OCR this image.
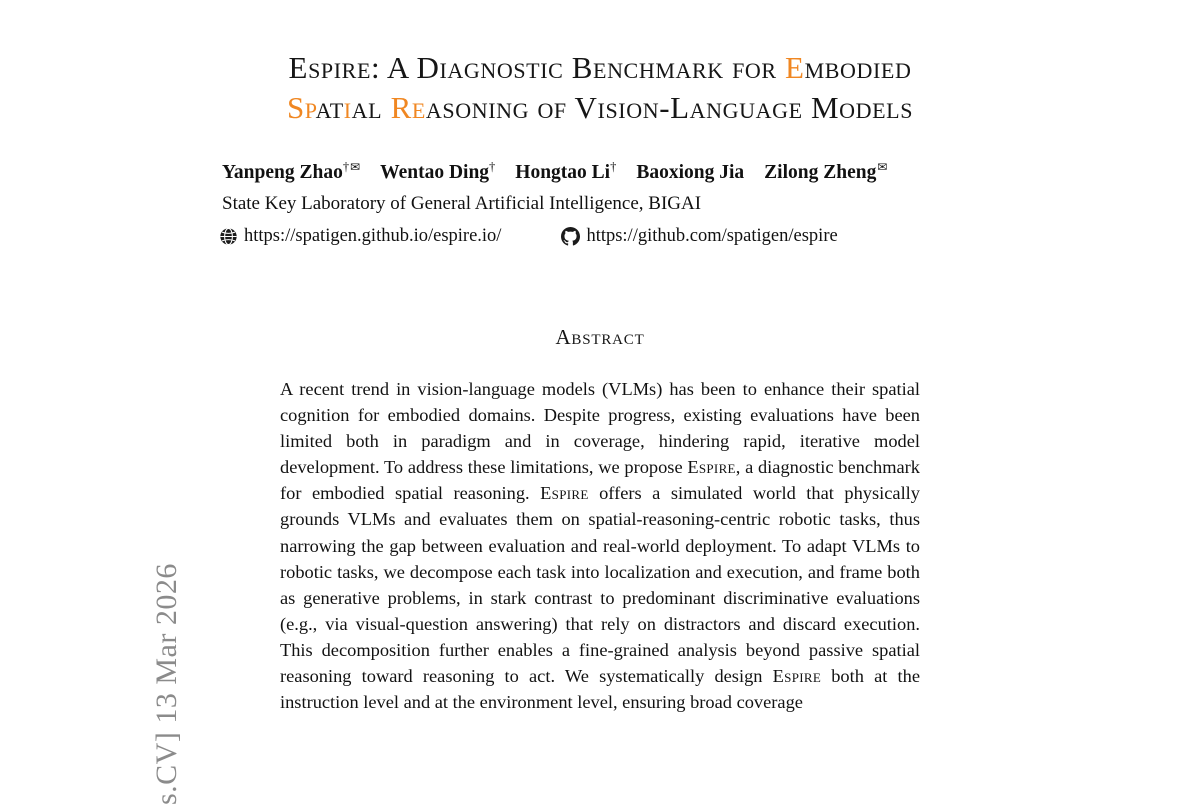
s.CV] 13 Mar 2026
Espire: A Diagnostic Benchmark for Embodied
Spatial Reasoning of Vision-Language Models
Yanpeng Zhao†✉ Wentao Ding† Hongtao Li† Baoxiong Jia Zilong Zheng✉
State Key Laboratory of General Artificial Intelligence, BIGAI
https://spatigen.github.io/espire.io/	https://github.com/spatigen/espire
Abstract

A recent trend in vision-language models (VLMs) has been to enhance their spatial cognition for embodied domains. Despite progress, existing evaluations have been limited both in paradigm and in coverage, hindering rapid, iterative model development. To address these limitations, we propose Espire, a diagnostic benchmark for embodied spatial reasoning. Espire offers a simulated world that physically grounds VLMs and evaluates them on spatial-reasoning-centric robotic tasks, thus narrowing the gap between evaluation and real-world deployment. To adapt VLMs to robotic tasks, we decompose each task into localization and execution, and frame both as generative problems, in stark contrast to predominant discriminative evaluations (e.g., via visual-question answering) that rely on distractors and discard execution. This decomposition further enables a fine-grained analysis beyond passive spatial reasoning toward reasoning to act. We systematically design Espire both at the instruction level and at the environment level, ensuring broad coverage
